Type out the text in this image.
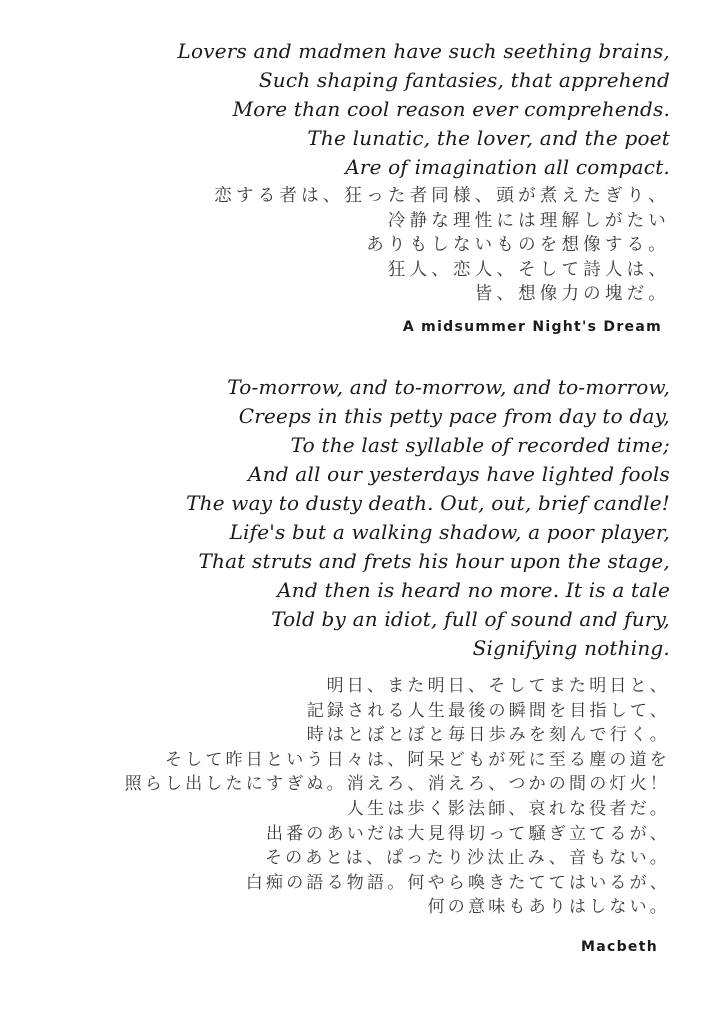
Lovers and madmen have such seething brains,
Such shaping fantasies, that apprehend
More than cool reason ever comprehends.
The lunatic, the lover, and the poet
Are of imagination all compact.
恋する者は、狂った者同様、頭が煮えたぎり、
冷静な理性には理解しがたい
ありもしないものを想像する。
狂人、恋人、そして詩人は、
皆、想像力の塊だ。
A midsummer Night's Dream
To-morrow, and to-morrow, and to-morrow,
Creeps in this petty pace from day to day,
To the last syllable of recorded time;
And all our yesterdays have lighted fools
The way to dusty death. Out, out, brief candle!
Life's but a walking shadow, a poor player,
That struts and frets his hour upon the stage,
And then is heard no more. It is a tale
Told by an idiot, full of sound and fury,
Signifying nothing.
明日、また明日、そしてまた明日と、
記録される人生最後の瞬間を目指して、
時はとぼとぼと毎日歩みを刻んで行く。
そして昨日という日々は、阿呆どもが死に至る塵の道を
照らし出したにすぎぬ。消えろ、消えろ、つかの間の灯火！
人生は歩く影法師、哀れな役者だ。
出番のあいだは大見得切って騒ぎ立てるが、
そのあとは、ぱったり沙汰止み、音もない。
白痴の語る物語。何やら喚きたててはいるが、
何の意味もありはしない。
Macbeth
